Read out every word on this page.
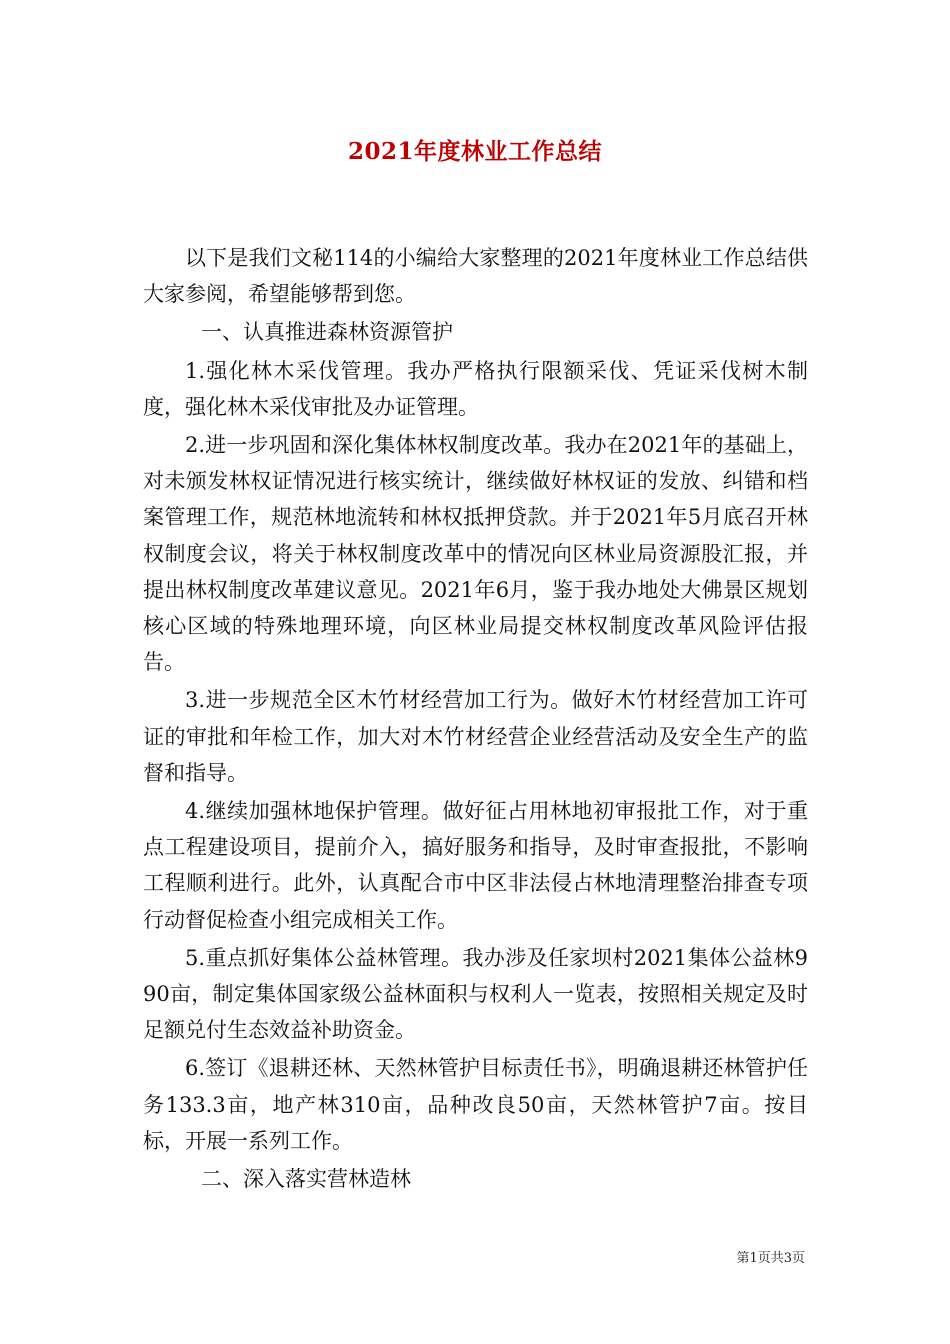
2021年度林业工作总结

以下是我们文秘114的小编给大家整理的2021年度林业工作总结供大家参阅，希望能够帮到您。

一、认真推进森林资源管护

1.强化林木采伐管理。我办严格执行限额采伐、凭证采伐树木制度，强化林木采伐审批及办证管理。

2.进一步巩固和深化集体林权制度改革。我办在2021年的基础上，对未颁发林权证情况进行核实统计，继续做好林权证的发放、纠错和档案管理工作，规范林地流转和林权抵押贷款。并于2021年5月底召开林权制度会议，将关于林权制度改革中的情况向区林业局资源股汇报，并提出林权制度改革建议意见。2021年6月，鉴于我办地处大佛景区规划核心区域的特殊地理环境，向区林业局提交林权制度改革风险评估报告。

3.进一步规范全区木竹材经营加工行为。做好木竹材经营加工许可证的审批和年检工作，加大对木竹材经营企业经营活动及安全生产的监督和指导。

4.继续加强林地保护管理。做好征占用林地初审报批工作，对于重点工程建设项目，提前介入，搞好服务和指导，及时审查报批，不影响工程顺利进行。此外，认真配合市中区非法侵占林地清理整治排查专项行动督促检查小组完成相关工作。

5.重点抓好集体公益林管理。我办涉及任家坝村2021集体公益林990亩，制定集体国家级公益林面积与权利人一览表，按照相关规定及时足额兑付生态效益补助资金。

6.签订《退耕还林、天然林管护目标责任书》，明确退耕还林管护任务133.3亩，地产林310亩，品种改良50亩，天然林管护7亩。按目标，开展一系列工作。

二、深入落实营林造林

第1页共3页
